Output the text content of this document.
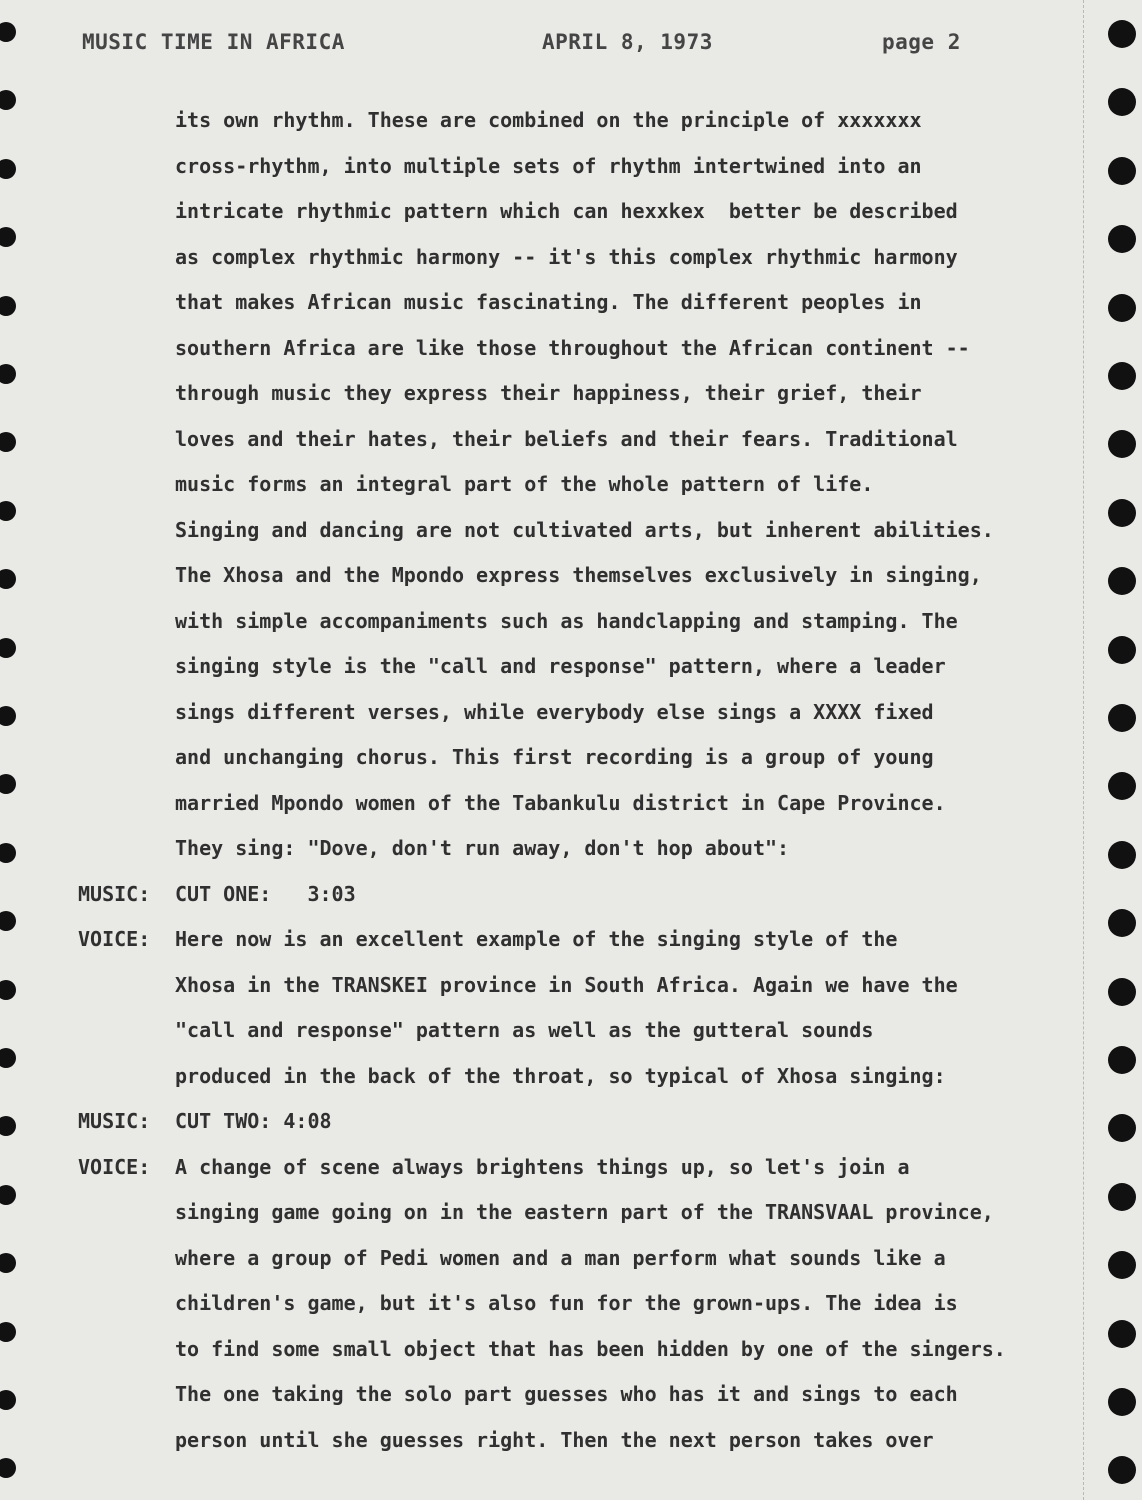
MUSIC TIME IN AFRICA	APRIL 8, 1973	page 2
its own rhythm. These are combined on the principle of xxxxxxx
cross-rhythm, into multiple sets of rhythm intertwined into an
intricate rhythmic pattern which can hexxkex  better be described
as complex rhythmic harmony -- it's this complex rhythmic harmony
that makes African music fascinating. The different peoples in
southern Africa are like those throughout the African continent --
through music they express their happiness, their grief, their
loves and their hates, their beliefs and their fears. Traditional
music forms an integral part of the whole pattern of life.
Singing and dancing are not cultivated arts, but inherent abilities.
The Xhosa and the Mpondo express themselves exclusively in singing,
with simple accompaniments such as handclapping and stamping. The
singing style is the "call and response" pattern, where a leader
sings different verses, while everybody else sings a XXXX fixed
and unchanging chorus. This first recording is a group of young
married Mpondo women of the Tabankulu district in Cape Province.
They sing: "Dove, don't run away, don't hop about":
MUSIC: CUT ONE:   3:03
VOICE: Here now is an excellent example of the singing style of the
Xhosa in the TRANSKEI province in South Africa. Again we have the
"call and response" pattern as well as the gutteral sounds
produced in the back of the throat, so typical of Xhosa singing:
MUSIC: CUT TWO: 4:08
VOICE: A change of scene always brightens things up, so let's join a
singing game going on in the eastern part of the TRANSVAAL province,
where a group of Pedi women and a man perform what sounds like a
children's game, but it's also fun for the grown-ups. The idea is
to find some small object that has been hidden by one of the singers.
The one taking the solo part guesses who has it and sings to each
person until she guesses right. Then the next person takes over
